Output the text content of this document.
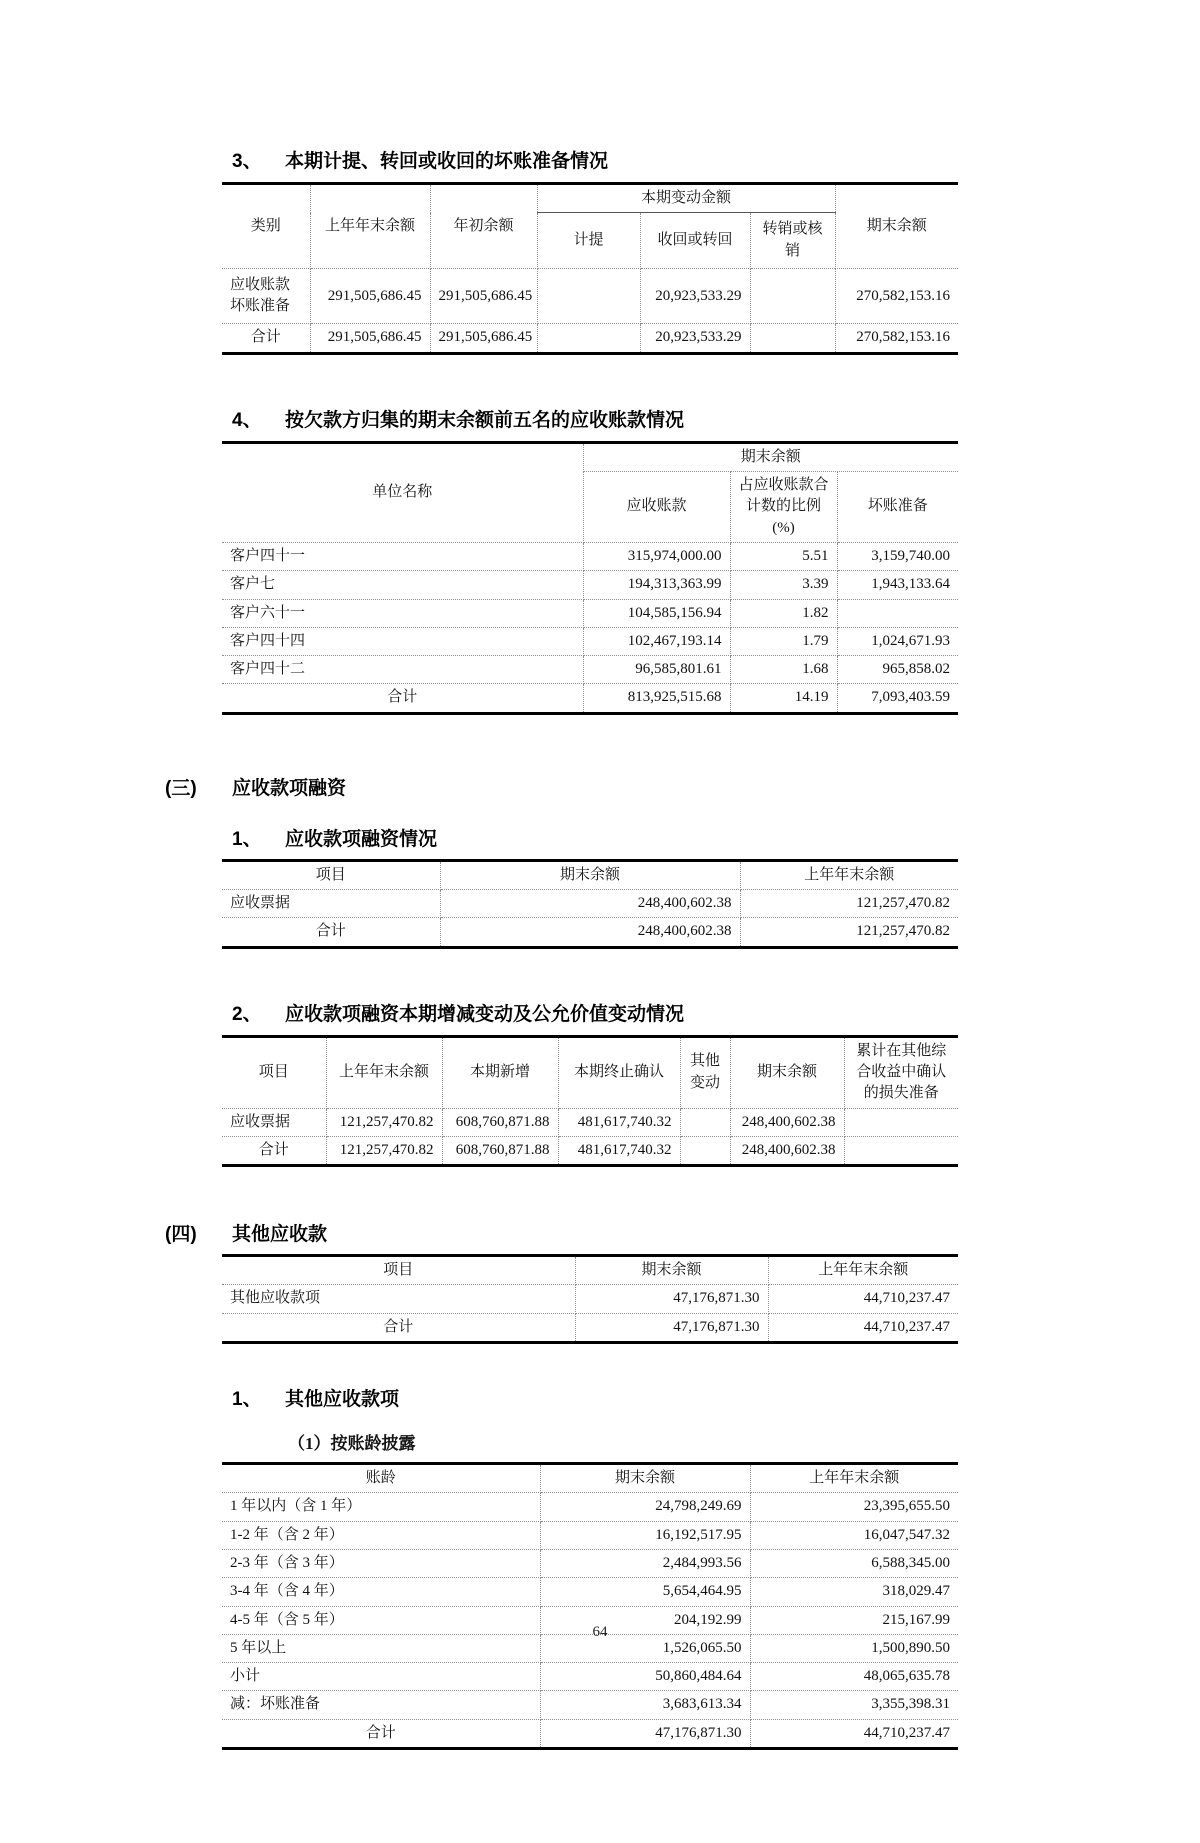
3、	本期计提、转回或收回的坏账准备情况
类别	上年年末余额	年初余额	本期变动金额			期末余额
			计提	收回或转回	转销或核销	
应收账款坏账准备	291,505,686.45	291,505,686.45		20,923,533.29		270,582,153.16
合计	291,505,686.45	291,505,686.45		20,923,533.29		270,582,153.16
4、	按欠款方归集的期末余额前五名的应收账款情况
单位名称	期末余额		
	应收账款	占应收账款合计数的比例(%)	坏账准备
客户四十一	315,974,000.00	5.51	3,159,740.00
客户七	194,313,363.99	3.39	1,943,133.64
客户六十一	104,585,156.94	1.82	
客户四十四	102,467,193.14	1.79	1,024,671.93
客户四十二	96,585,801.61	1.68	965,858.02
合计	813,925,515.68	14.19	7,093,403.59
(三)	应收款项融资
1、	应收款项融资情况
项目	期末余额	上年年末余额
应收票据	248,400,602.38	121,257,470.82
合计	248,400,602.38	121,257,470.82
2、	应收款项融资本期增减变动及公允价值变动情况
项目	上年年末余额	本期新增	本期终止确认	其他变动	期末余额	累计在其他综合收益中确认的损失准备
应收票据	121,257,470.82	608,760,871.88	481,617,740.32		248,400,602.38	
合计	121,257,470.82	608,760,871.88	481,617,740.32		248,400,602.38	
(四)	其他应收款
项目	期末余额	上年年末余额
其他应收款项	47,176,871.30	44,710,237.47
合计	47,176,871.30	44,710,237.47
1、	其他应收款项
（1）按账龄披露
账龄	期末余额	上年年末余额
1 年以内（含 1 年）	24,798,249.69	23,395,655.50
1-2 年（含 2 年）	16,192,517.95	16,047,547.32
2-3 年（含 3 年）	2,484,993.56	6,588,345.00
3-4 年（含 4 年）	5,654,464.95	318,029.47
4-5 年（含 5 年）	204,192.99	215,167.99
5 年以上	1,526,065.50	1,500,890.50
小计	50,860,484.64	48,065,635.78
减：坏账准备	3,683,613.34	3,355,398.31
合计	47,176,871.30	44,710,237.47
64
